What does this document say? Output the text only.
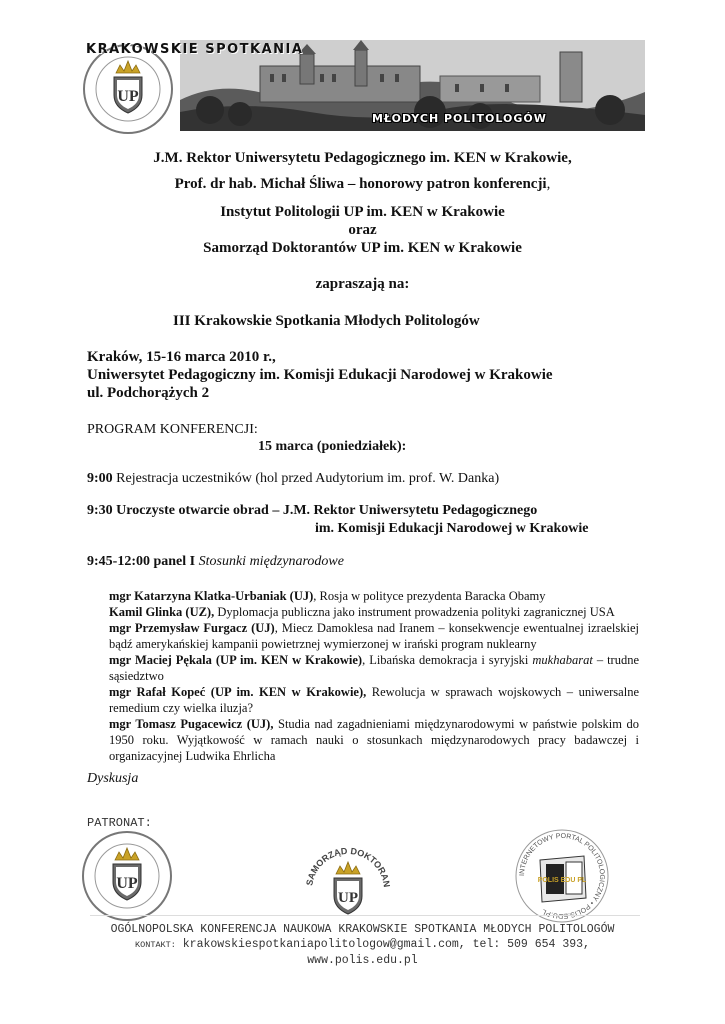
UP
KRAKOWSKIE SPOTKANIA
MŁODYCH POLITOLOGÓW
J.M. Rektor Uniwersytetu Pedagogicznego im. KEN w Krakowie,
Prof. dr hab. Michał Śliwa – honorowy patron konferencji,
Instytut Politologii UP im. KEN w Krakowie
oraz
Samorząd Doktorantów UP im. KEN w Krakowie
zapraszają na:
III Krakowskie Spotkania Młodych Politologów
Kraków, 15-16 marca 2010 r.,
Uniwersytet Pedagogiczny im. Komisji Edukacji Narodowej w Krakowie
ul. Podchorążych 2
PROGRAM KONFERENCJI:
15 marca (poniedziałek):
9:00 Rejestracja uczestników (hol przed Audytorium im. prof. W. Danka)
9:30 Uroczyste otwarcie obrad – J.M. Rektor Uniwersytetu Pedagogicznego
im. Komisji Edukacji Narodowej w Krakowie
9:45-12:00 panel I Stosunki międzynarodowe

mgr Katarzyna Klatka-Urbaniak (UJ), Rosja w polityce prezydenta Baracka Obamy

Kamil Glinka (UZ), Dyplomacja publiczna jako instrument prowadzenia polityki zagranicznej USA

mgr Przemysław Furgacz (UJ), Miecz Damoklesa nad Iranem – konsekwencje ewentualnej izraelskiej bądź amerykańskiej kampanii powietrznej wymierzonej w irański program nuklearny

mgr Maciej Pękala (UP im. KEN w Krakowie), Libańska demokracja i syryjski mukhabarat – trudne sąsiedztwo

mgr Rafał Kopeć (UP im. KEN w Krakowie), Rewolucja w sprawach wojskowych – uniwersalne remedium czy wielka iluzja?

mgr Tomasz Pugacewicz (UJ), Studia nad zagadnieniami międzynarodowymi w państwie polskim do 1950 roku. Wyjątkowość w ramach nauki o stosunkach międzynarodowych pracy badawczej i organizacyjnej Ludwika Ehrlicha

Dyskusja
PATRONAT:
UP	SAMORZĄD DOKTORAN
UP
INTERNETOWY PORTAL POLITOLOGICZNY • POLIS.EDU.PL
POLIS EDU PL
OGÓLNOPOLSKA KONFERENCJA NAUKOWA KRAKOWSKIE SPOTKANIA MŁODYCH POLITOLOGÓW
KONTAKT: krakowskiespotkaniapolitologow@gmail.com, tel: 509 654 393,
www.polis.edu.pl
